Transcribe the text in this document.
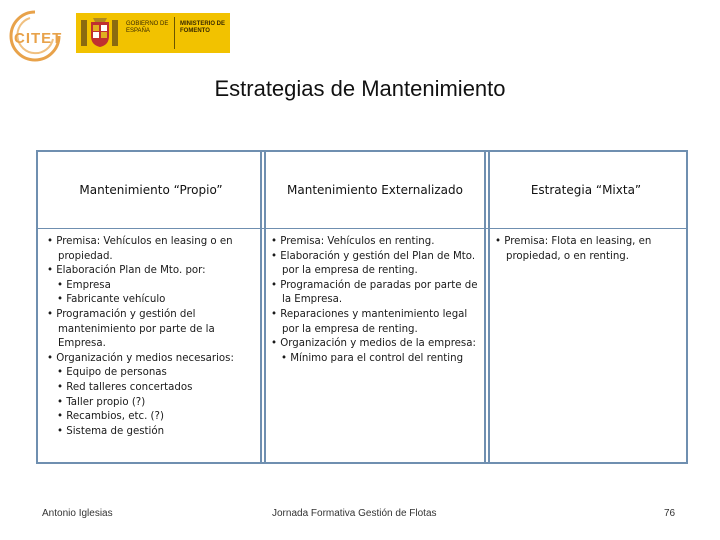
CITET
GOBIERNO DE ESPAÑA
MINISTERIO DE FOMENTO
Estrategias de Mantenimiento
Mantenimiento “Propio”
• Premisa: Vehículos en leasing o en propiedad.
• Elaboración Plan de Mto. por:
• Empresa
• Fabricante vehículo
• Programación y gestión del mantenimiento por parte de la Empresa.
• Organización y medios necesarios:
• Equipo de personas
• Red talleres concertados
• Taller propio (?)
• Recambios, etc. (?)
• Sistema de gestión
Mantenimiento Externalizado
• Premisa: Vehículos en renting.
• Elaboración y gestión del Plan de Mto. por la empresa de renting.
• Programación de paradas por parte de la Empresa.
• Reparaciones y mantenimiento legal por la empresa de renting.
• Organización y medios de la empresa:
• Mínimo para el control del renting
Estrategia “Mixta”
• Premisa: Flota en leasing, en propiedad, o en renting.
Antonio Iglesias	Jornada Formativa Gestión de Flotas	76
